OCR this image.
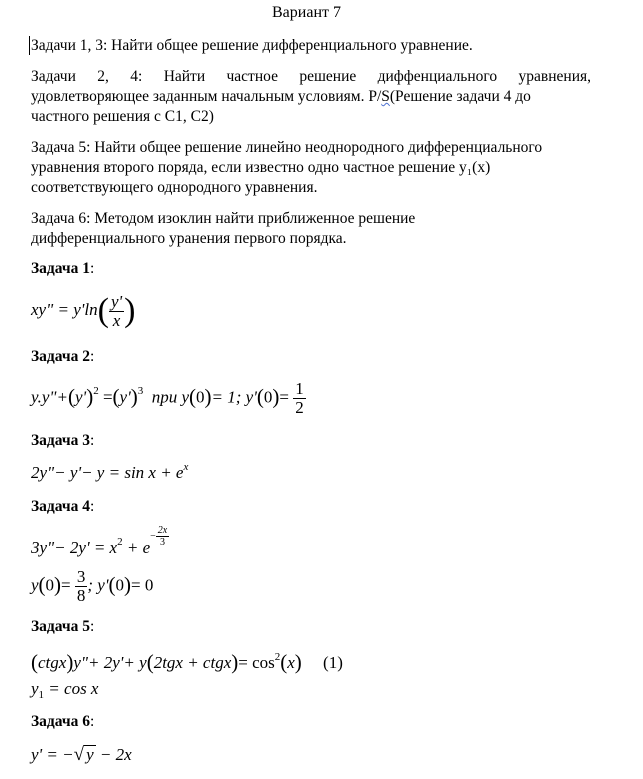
Вариант 7
Задачи 1, 3: Найти общее решение дифференциального уравнение.
Задачи 2, 4: Найти частное решение диффенциального уравнения,
удовлетворяющее заданным начальным условиям. P/S(Решение задачи 4 до
частного решения с С1, С2)
Задача 5: Найти общее решение линейно неоднородного дифференциального
уравнения второго поряда, если известно одно частное решение y₁(x)
соответствующего однородного уравнения.
Задача 6: Методом изоклин найти приближенное решение
дифференциального уранения первого порядка.
Задача 1:
xy" = $y'\ln( \frac{y'}{x}$ )
Задача 2:
$y.y"+(y')^2 =(y')^3$ при y(0)= 1; $y'(0)= \frac{1}{2}$
Задача 3:
2y"− $y'- y = \sin x + e^x$
Задача 4:
3y"− $2y' = x^2 + e^{- \frac{2x}{3}}$
$y(0)= \frac{3}{8}$ ; y'(0)= 0
Задача 5:
(ctgx)y"+ 2y'+ y(2tgx + ctgx)= $\cos^2(x)$ (1)
$y_1 = \cos x$
Задача 6:
y' = −√ y − 2x
